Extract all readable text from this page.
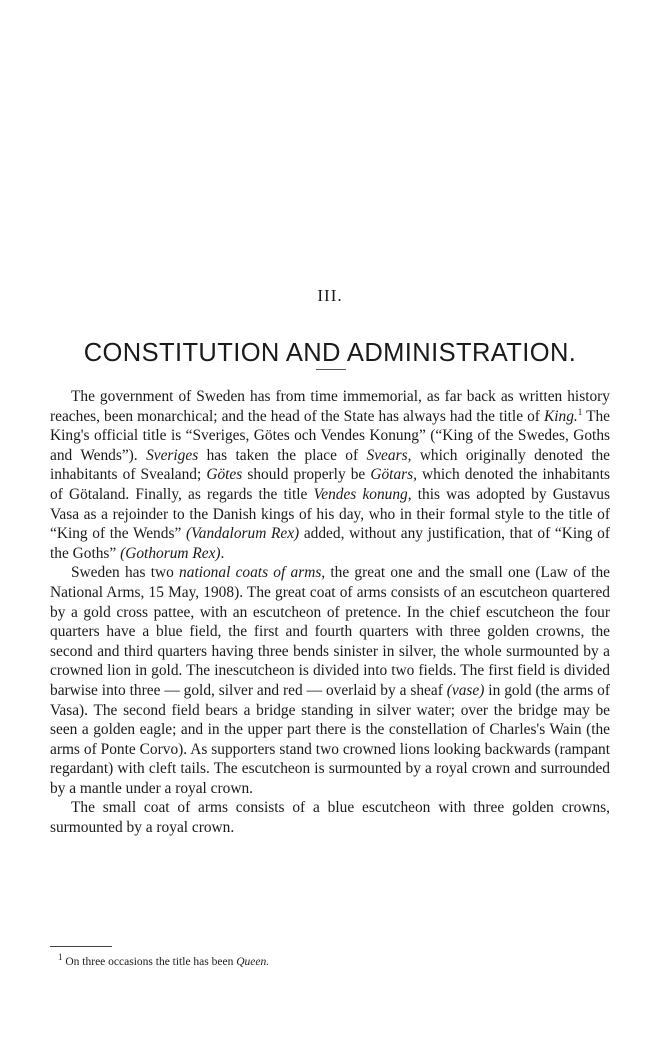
III.
CONSTITUTION AND ADMINISTRATION.

The government of Sweden has from time immemorial, as far back as written history reaches, been monarchical; and the head of the State has always had the title of King.$^1$ The King's official title is “Sveriges, Götes och Vendes Konung” (“King of the Swedes, Goths and Wends”). Sveriges has taken the place of Svears, which originally denoted the inhabitants of Svealand; Götes should properly be Götars, which denoted the inhabitants of Götaland. Finally, as regards the title Vendes konung, this was adopted by Gustavus Vasa as a rejoinder to the Danish kings of his day, who in their formal style to the title of “King of the Wends” (Vandalorum Rex) added, without any justification, that of “King of the Goths” (Gothorum Rex).

Sweden has two national coats of arms, the great one and the small one (Law of the National Arms, 15 May, 1908). The great coat of arms consists of an escutcheon quartered by a gold cross pattee, with an escutcheon of pretence. In the chief escutcheon the four quarters have a blue field, the first and fourth quarters with three golden crowns, the second and third quarters having three bends sinister in silver, the whole surmounted by a crowned lion in gold. The inescutcheon is divided into two fields. The first field is divided barwise into three — gold, silver and red — overlaid by a sheaf (vase) in gold (the arms of Vasa). The second field bears a bridge standing in silver water; over the bridge may be seen a golden eagle; and in the upper part there is the constellation of Charles's Wain (the arms of Ponte Corvo). As supporters stand two crowned lions looking backwards (rampant regardant) with cleft tails. The escutcheon is surmounted by a royal crown and surrounded by a mantle under a royal crown.

The small coat of arms consists of a blue escutcheon with three golden crowns, surmounted by a royal crown.

$^1$ On three occasions the title has been Queen.
